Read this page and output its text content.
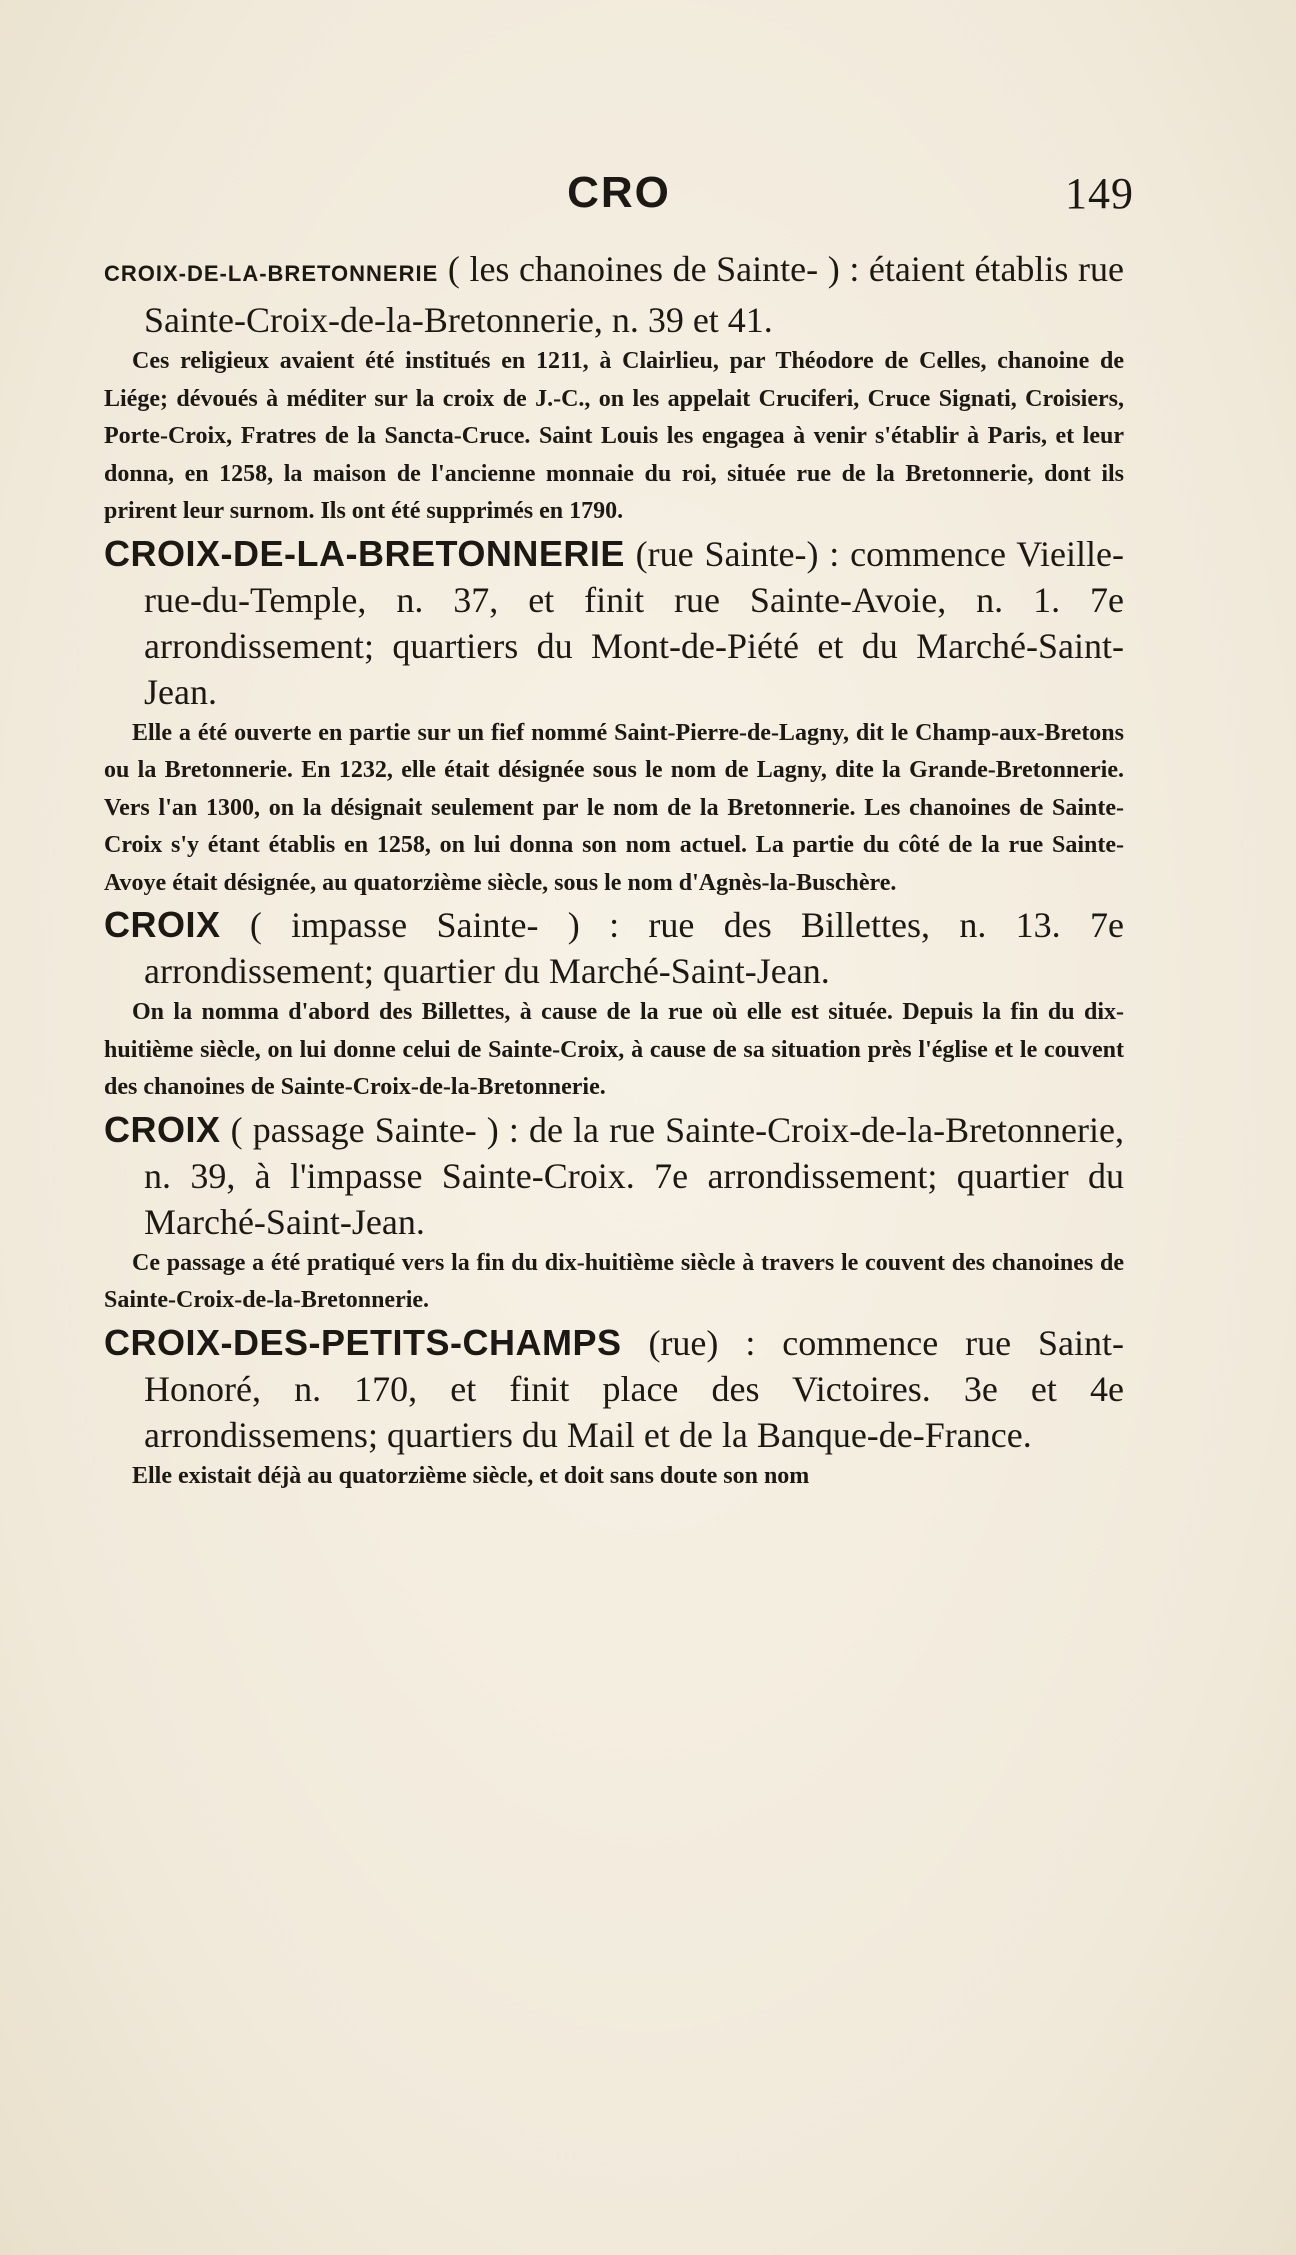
CRO	149

CROIX-DE-LA-BRETONNERIE ( les chanoines de Sainte- ) : étaient établis rue Sainte-Croix-de-la-Bretonnerie, n. 39 et 41.

Ces religieux avaient été institués en 1211, à Clairlieu, par Théodore de Celles, chanoine de Liége; dévoués à méditer sur la croix de J.-C., on les appelait Cruciferi, Cruce Signati, Croisiers, Porte-Croix, Fratres de la Sancta-Cruce. Saint Louis les engagea à venir s'établir à Paris, et leur donna, en 1258, la maison de l'ancienne monnaie du roi, située rue de la Bretonnerie, dont ils prirent leur surnom. Ils ont été supprimés en 1790.

CROIX-DE-LA-BRETONNERIE (rue Sainte-) : commence Vieille-rue-du-Temple, n. 37, et finit rue Sainte-Avoie, n. 1. 7e arrondissement; quartiers du Mont-de-Piété et du Marché-Saint-Jean.

Elle a été ouverte en partie sur un fief nommé Saint-Pierre-de-Lagny, dit le Champ-aux-Bretons ou la Bretonnerie. En 1232, elle était désignée sous le nom de Lagny, dite la Grande-Bretonnerie. Vers l'an 1300, on la désignait seulement par le nom de la Bretonnerie. Les chanoines de Sainte-Croix s'y étant établis en 1258, on lui donna son nom actuel. La partie du côté de la rue Sainte-Avoye était désignée, au quatorzième siècle, sous le nom d'Agnès-la-Buschère.

CROIX ( impasse Sainte- ) : rue des Billettes, n. 13. 7e arrondissement; quartier du Marché-Saint-Jean.

On la nomma d'abord des Billettes, à cause de la rue où elle est située. Depuis la fin du dix-huitième siècle, on lui donne celui de Sainte-Croix, à cause de sa situation près l'église et le couvent des chanoines de Sainte-Croix-de-la-Bretonnerie.

CROIX ( passage Sainte- ) : de la rue Sainte-Croix-de-la-Bretonnerie, n. 39, à l'impasse Sainte-Croix. 7e arrondissement; quartier du Marché-Saint-Jean.

Ce passage a été pratiqué vers la fin du dix-huitième siècle à travers le couvent des chanoines de Sainte-Croix-de-la-Bretonnerie.

CROIX-DES-PETITS-CHAMPS (rue) : commence rue Saint-Honoré, n. 170, et finit place des Victoires. 3e et 4e arrondissemens; quartiers du Mail et de la Banque-de-France.

Elle existait déjà au quatorzième siècle, et doit sans doute son nom
